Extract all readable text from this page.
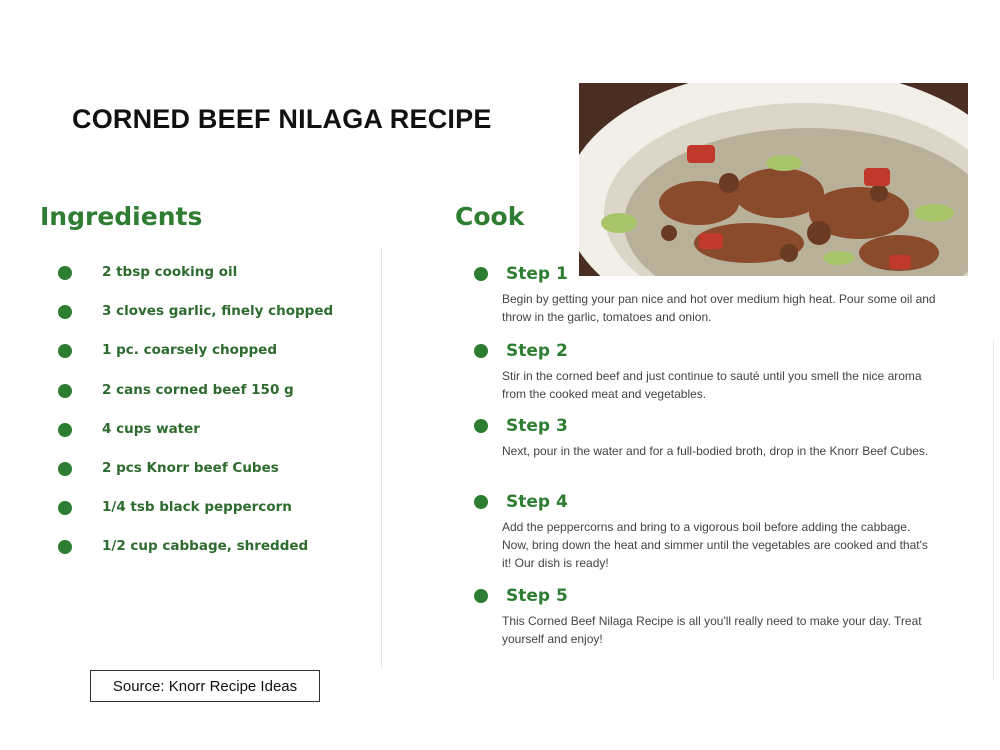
CORNED BEEF NILAGA RECIPE
Ingredients	Cook
2 tbsp cooking oil
3 cloves garlic, finely chopped
1 pc. coarsely chopped
2 cans corned beef 150 g
4 cups water
2 pcs Knorr beef Cubes
1/4 tsb black peppercorn
1/2 cup cabbage, shredded
Step 1

Begin by getting your pan nice and hot over medium high heat. Pour some oil and throw in the garlic, tomatoes and onion.

Step 2

Stir in the corned beef and just continue to sauté until you smell the nice aroma from the cooked meat and vegetables.

Step 3

Next, pour in the water and for a full-bodied broth, drop in the Knorr Beef Cubes.

Step 4

Add the peppercorns and bring to a vigorous boil before adding the cabbage. Now, bring down the heat and simmer until the vegetables are cooked and that's it! Our dish is ready!

Step 5

This Corned Beef Nilaga Recipe is all you'll really need to make your day. Treat yourself and enjoy!

Source: Knorr Recipe Ideas
